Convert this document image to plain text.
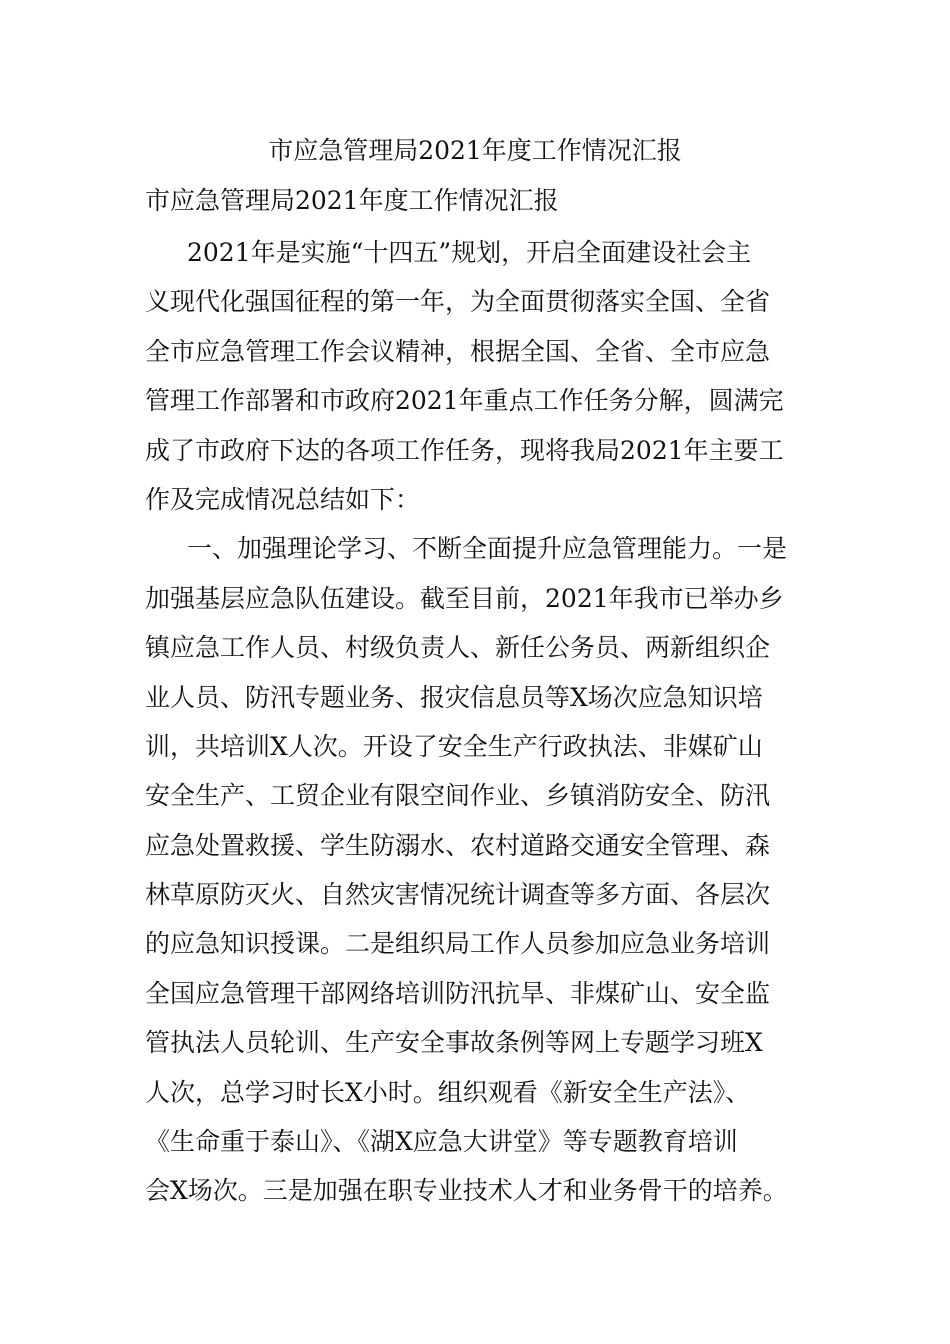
市应急管理局2021年度工作情况汇报
市应急管理局2021年度工作情况汇报
2021年是实施“十四五”规划，开启全面建设社会主
义现代化强国征程的第一年，为全面贯彻落实全国、全省
全市应急管理工作会议精神，根据全国、全省、全市应急
管理工作部署和市政府2021年重点工作任务分解，圆满完
成了市政府下达的各项工作任务，现将我局2021年主要工
作及完成情况总结如下：
一、加强理论学习、不断全面提升应急管理能力。一是
加强基层应急队伍建设。截至目前，2021年我市已举办乡
镇应急工作人员、村级负责人、新任公务员、两新组织企
业人员、防汛专题业务、报灾信息员等X场次应急知识培
训，共培训X人次。开设了安全生产行政执法、非媒矿山
安全生产、工贸企业有限空间作业、乡镇消防安全、防汛
应急处置救援、学生防溺水、农村道路交通安全管理、森
林草原防灭火、自然灾害情况统计调查等多方面、各层次
的应急知识授课。二是组织局工作人员参加应急业务培训
全国应急管理干部网络培训防汛抗旱、非煤矿山、安全监
管执法人员轮训、生产安全事故条例等网上专题学习班X
人次，总学习时长X小时。组织观看《新安全生产法》、
《生命重于泰山》、《湖X应急大讲堂》等专题教育培训
会X场次。三是加强在职专业技术人才和业务骨干的培养。
